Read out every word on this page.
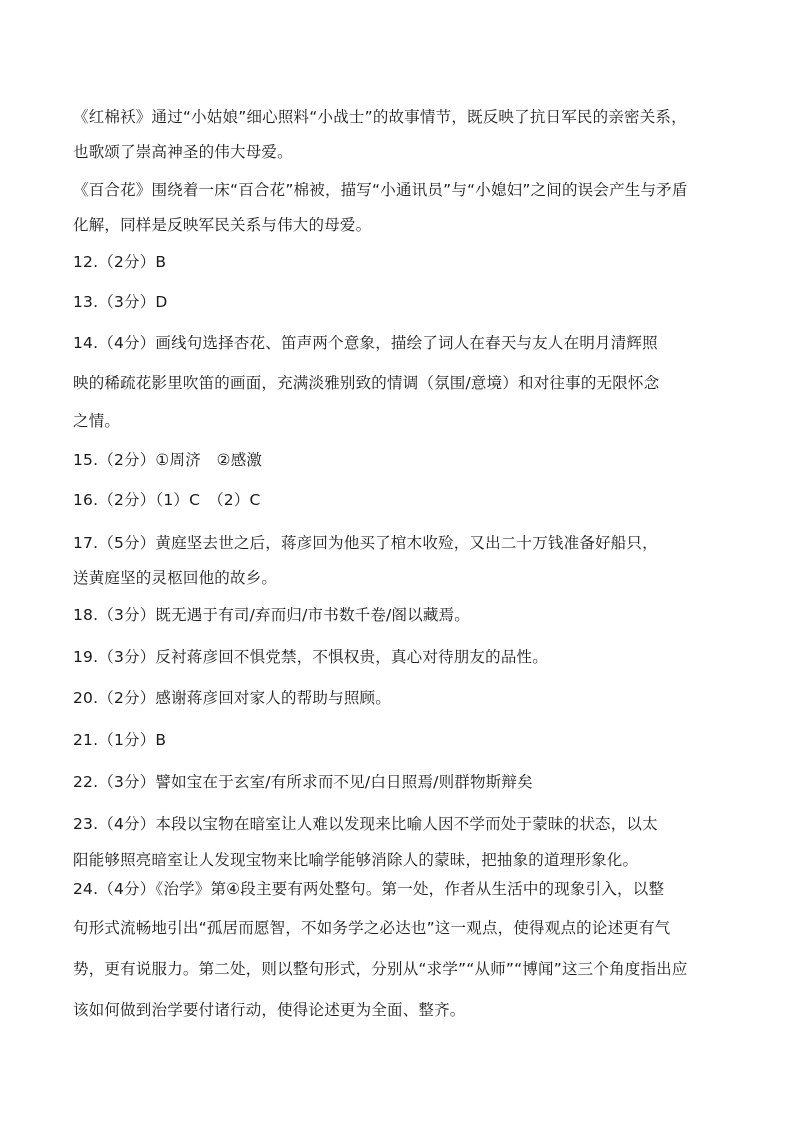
《红棉袄》通过“小姑娘”细心照料“小战士”的故事情节，既反映了抗日军民的亲密关系，
也歌颂了崇高神圣的伟大母爱。
《百合花》围绕着一床“百合花”棉被，描写“小通讯员”与“小媳妇”之间的误会产生与矛盾
化解，同样是反映军民关系与伟大的母爱。
12.（2分）B
13.（3分）D
14.（4分）画线句选择杏花、笛声两个意象，描绘了词人在春天与友人在明月清辉照
映的稀疏花影里吹笛的画面，充满淡雅别致的情调（氛围/意境）和对往事的无限怀念
之情。
15.（2分）①周济　②感激
16.（2分）（1）C　（2）C
17.（5分）黄庭坚去世之后，蒋彦回为他买了棺木收殓，又出二十万钱准备好船只，
送黄庭坚的灵柩回他的故乡。
18.（3分）既无遇于有司/弃而归/市书数千卷/阁以藏焉。
19.（3分）反衬蒋彦回不惧党禁，不惧权贵，真心对待朋友的品性。
20.（2分）感谢蒋彦回对家人的帮助与照顾。
21.（1分）B
22.（3分）譬如宝在于玄室/有所求而不见/白日照焉/则群物斯辩矣
23.（4分）本段以宝物在暗室让人难以发现来比喻人因不学而处于蒙昧的状态，以太
阳能够照亮暗室让人发现宝物来比喻学能够消除人的蒙昧，把抽象的道理形象化。
24.（4分）《治学》第④段主要有两处整句。第一处，作者从生活中的现象引入，以整
句形式流畅地引出“孤居而愿智，不如务学之必达也”这一观点，使得观点的论述更有气
势，更有说服力。第二处，则以整句形式，分别从“求学”“从师”“博闻”这三个角度指出应
该如何做到治学要付诸行动，使得论述更为全面、整齐。
